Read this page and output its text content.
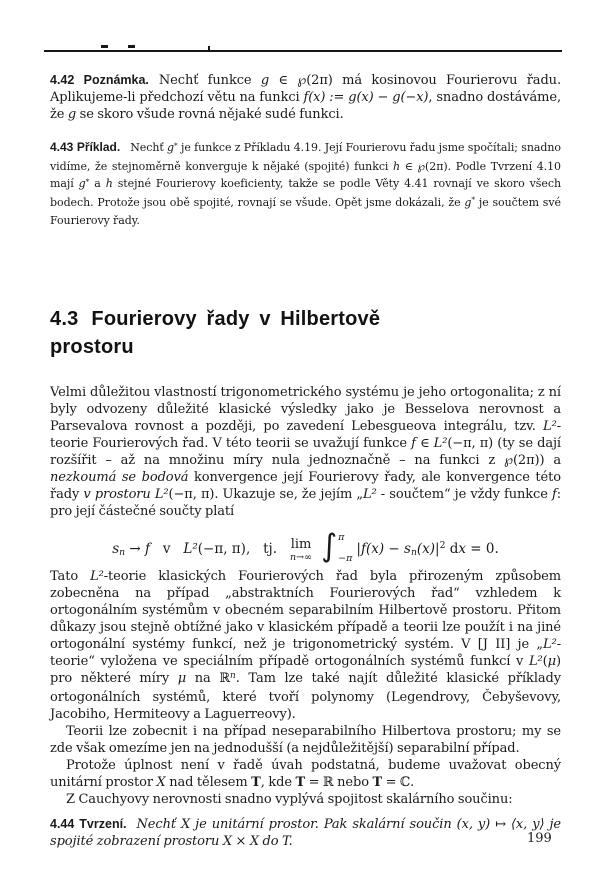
4.42 Poznámka. Nechť funkce g ∈ ℘(2π) má kosinovou Fourierovu řadu. Aplikujeme-li předchozí větu na funkci f(x) := g(x) − g(−x), snadno dostáváme, že g se skoro všude rovná nějaké sudé funkci.

4.43 Příklad. Nechť g* je funkce z Příkladu 4.19. Její Fourierovu řadu jsme spočítali; snadno vidíme, že stejnoměrně konverguje k nějaké (spojité) funkci h ∈ ℘(2π). Podle Tvrzení 4.10 mají g* a h stejné Fourierovy koeficienty, takže se podle Věty 4.41 rovnají ve skoro všech bodech. Protože jsou obě spojité, rovnají se všude. Opět jsme dokázali, že g* je součtem své Fourierovy řady.

4.3 Fourierovy řady v Hilbertově
prostoru

Velmi důležitou vlastností trigonometrického systému je jeho ortogonalita; z ní byly odvozeny důležité klasické výsledky jako je Besselova nerovnost a Parsevalova rovnost a později, po zavedení Lebesgueova integrálu, tzv. L²-teorie Fourierových řad. V této teorii se uvažují funkce f ∈ L²(−π, π) (ty se dají rozšířit – až na množinu míry nula jednoznačně – na funkci z ℘(2π)) a nezkoumá se bodová konvergence její Fourierovy řady, ale konvergence této řady v prostoru L²(−π, π). Ukazuje se, že jejím „L² - součtem“ je vždy funkce f: pro její částečné součty platí

sn → f   v   L²(−π, π),   tj. lim
n→∞ ∫ π
−π
$|f(x) - sn(x)|^2$ dx = 0.

Tato L²-teorie klasických Fourierových řad byla přirozeným způsobem zobecněna na případ „abstraktních Fourierových řad“ vzhledem k ortogonálním systémům v obecném separabilním Hilbertově prostoru. Přitom důkazy jsou stejně obtížné jako v klasickém případě a teorii lze použít i na jiné ortogonální systémy funkcí, než je trigonometrický systém. V [J II] je „L²-teorie“ vyložena ve speciálním případě ortogonálních systémů funkcí v L²(μ) pro některé míry μ na ℝ$^n$. Tam lze také najít důležité klasické příklady ortogonálních systémů, které tvoří polynomy (Legendrovy, Čebyševovy, Jacobiho, Hermiteovy a Laguerreovy).

Teorii lze zobecnit i na případ neseparabilního Hilbertova prostoru; my se zde však omezíme jen na jednodušší (a nejdůležitější) separabilní případ.

Protože úplnost není v řadě úvah podstatná, budeme uvažovat obecný unitární prostor X nad tělesem T, kde T = ℝ nebo T = ℂ.

Z Cauchyovy nerovnosti snadno vyplývá spojitost skalárního součinu:

4.44 Tvrzení. Nechť X je unitární prostor. Pak skalární součin (x, y) ↦ ⟨x, y⟩ je spojité zobrazení prostoru X × X do T.	199
